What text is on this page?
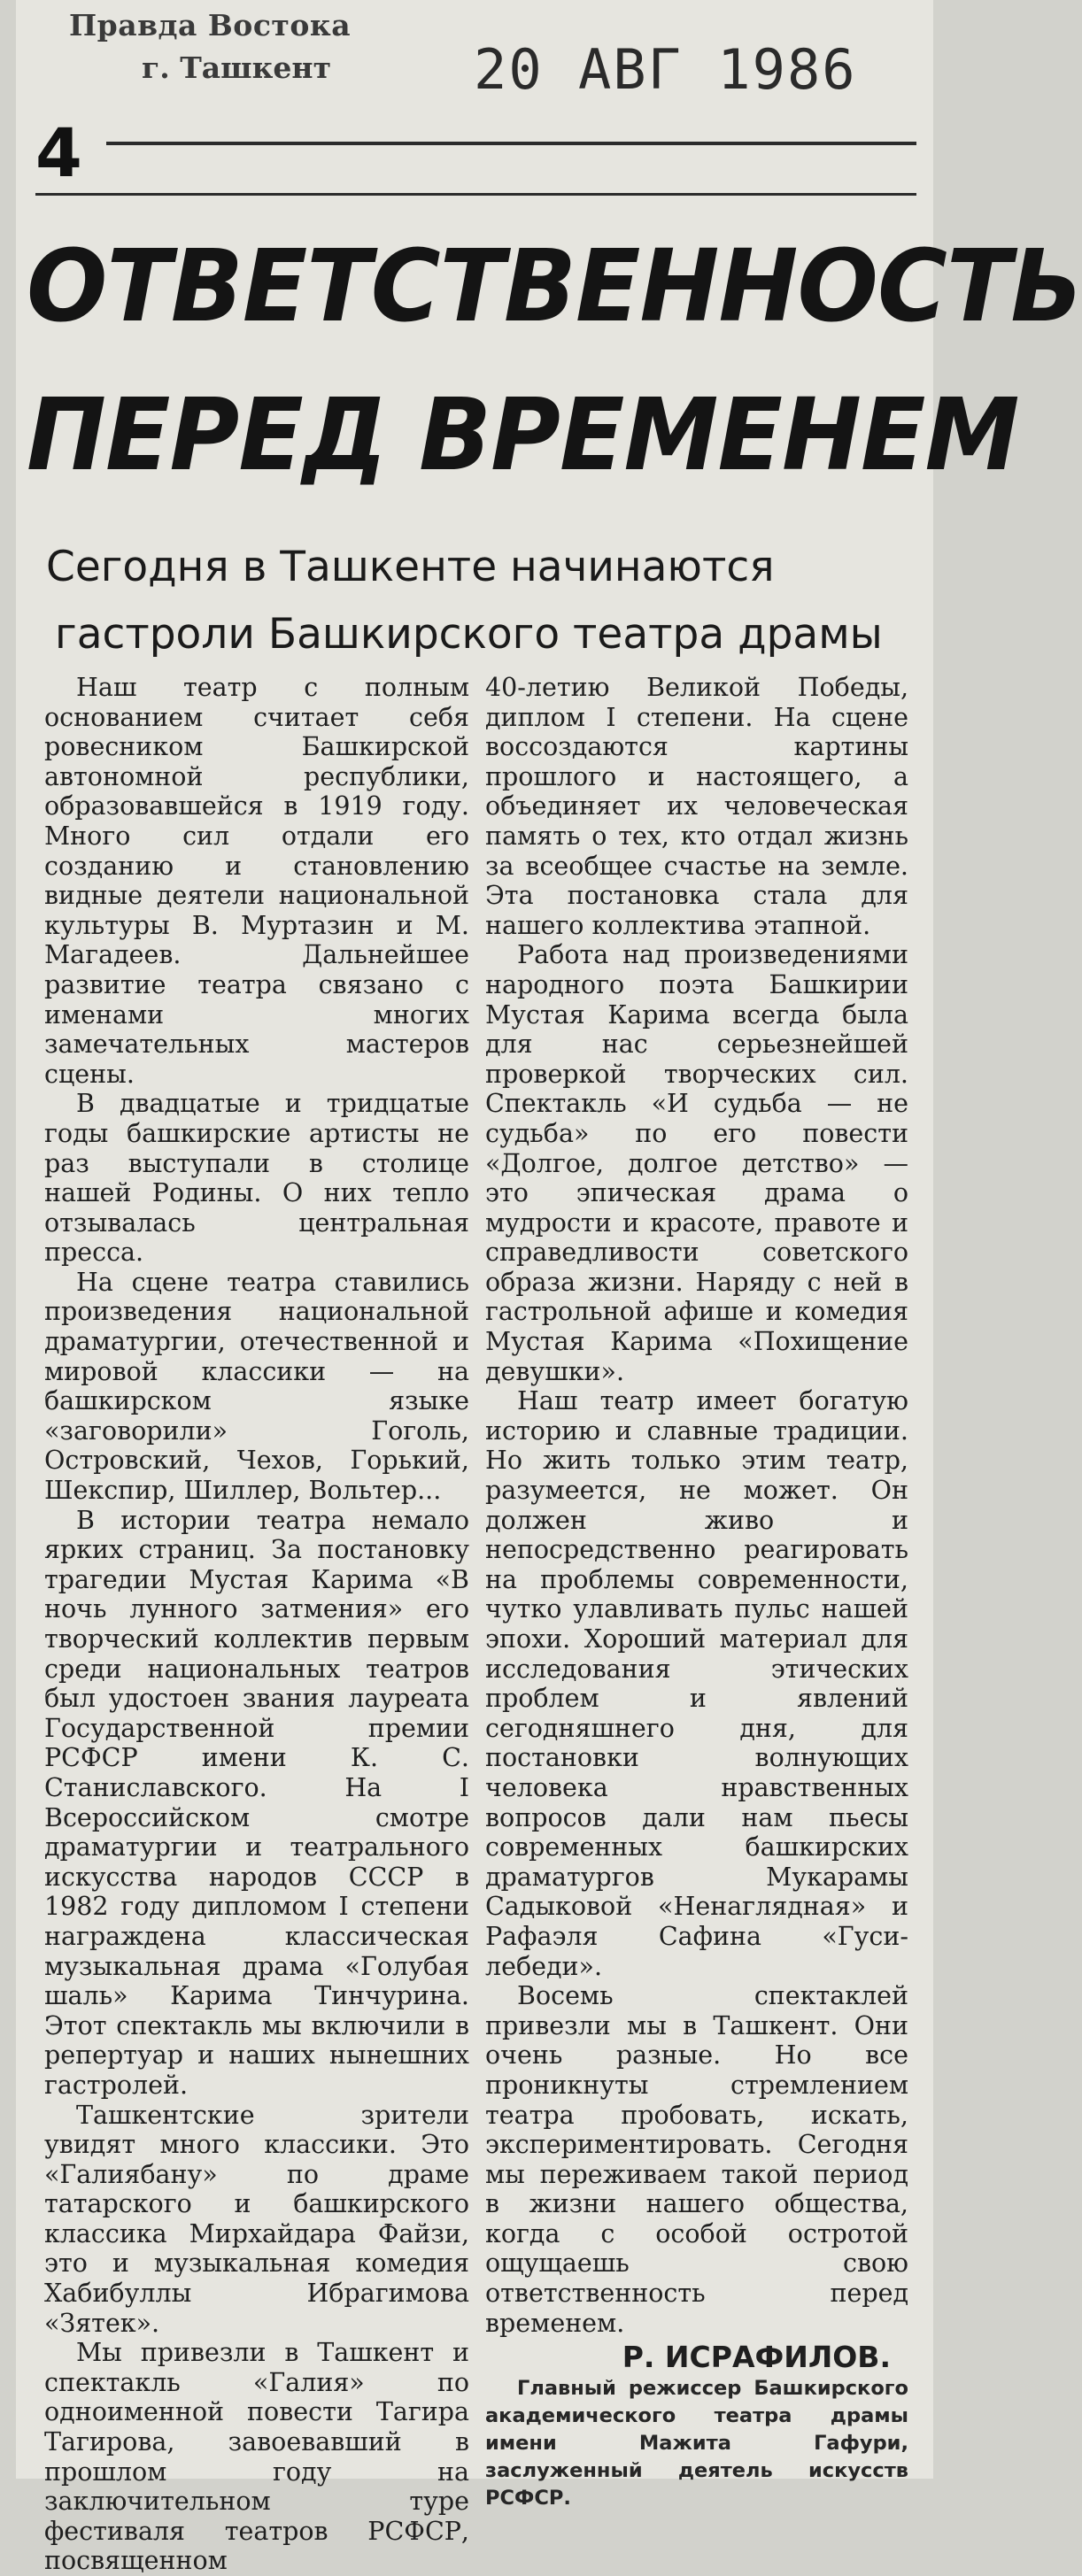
Правда Востока
г. Ташкент	20 АВГ 1986
4
ОТВЕТСТВЕННОСТЬ
ПЕРЕД ВРЕМЕНЕМ
Сегодня в Ташкенте начинаются
гастроли Башкирского театра драмы

Наш театр с полным основанием считает себя ровесником Башкирской автономной республики, образовавшейся в 1919 году. Много сил отдали его созданию и становлению видные деятели национальной культуры В. Муртазин и М. Магадеев. Дальнейшее развитие театра связано с именами многих замечательных мастеров сцены.

В двадцатые и тридцатые годы башкирские артисты не раз выступали в столице нашей Родины. О них тепло отзывалась центральная пресса.

На сцене театра ставились произведения национальной драматургии, отечественной и мировой классики — на башкирском языке «заговорили» Гоголь, Островский, Чехов, Горький, Шекспир, Шиллер, Вольтер...

В истории театра немало ярких страниц. За постановку трагедии Мустая Карима «В ночь лунного затмения» его творческий коллектив первым среди национальных театров был удостоен звания лауреата Государственной премии РСФСР имени К. С. Станиславского. На I Всероссийском смотре драматургии и театрального искусства народов СССР в 1982 году дипломом I степени награждена классическая музыкальная драма «Голубая шаль» Карима Тинчурина. Этот спектакль мы включили в репертуар и наших нынешних гастролей.

Ташкентские зрители увидят много классики. Это «Галиябану» по драме татарского и башкирского классика Мирхайдара Файзи, это и музыкальная комедия Хабибуллы Ибрагимова «Зятек».

Мы привезли в Ташкент и спектакль «Галия» по одноименной повести Тагира Тагирова, завоевавший в прошлом году на заключительном туре фестиваля театров РСФСР, посвященном

40-летию Великой Победы, диплом I степени. На сцене воссоздаются картины прошлого и настоящего, а объединяет их человеческая память о тех, кто отдал жизнь за всеобщее счастье на земле. Эта постановка стала для нашего коллектива этапной.

Работа над произведениями народного поэта Башкирии Мустая Карима всегда была для нас серьезнейшей проверкой творческих сил. Спектакль «И судьба — не судьба» по его повести «Долгое, долгое детство» — это эпическая драма о мудрости и красоте, правоте и справедливости советского образа жизни. Наряду с ней в гастрольной афише и комедия Мустая Карима «Похищение девушки».

Наш театр имеет богатую историю и славные традиции. Но жить только этим театр, разумеется, не может. Он должен живо и непосредственно реагировать на проблемы современности, чутко улавливать пульс нашей эпохи. Хороший материал для исследования этических проблем и явлений сегодняшнего дня, для постановки волнующих человека нравственных вопросов дали нам пьесы современных башкирских драматургов Мукарамы Садыковой «Ненаглядная» и Рафаэля Сафина «Гуси-лебеди».

Восемь спектаклей привезли мы в Ташкент. Они очень разные. Но все проникнуты стремлением театра пробовать, искать, экспериментировать. Сегодня мы переживаем такой период в жизни нашего общества, когда с особой остротой ощущаешь свою ответственность перед временем.

Р. ИСРАФИЛОВ.

Главный режиссер Башкирского академического театра драмы имени Мажита Гафури, заслуженный деятель искусств РСФСР.
